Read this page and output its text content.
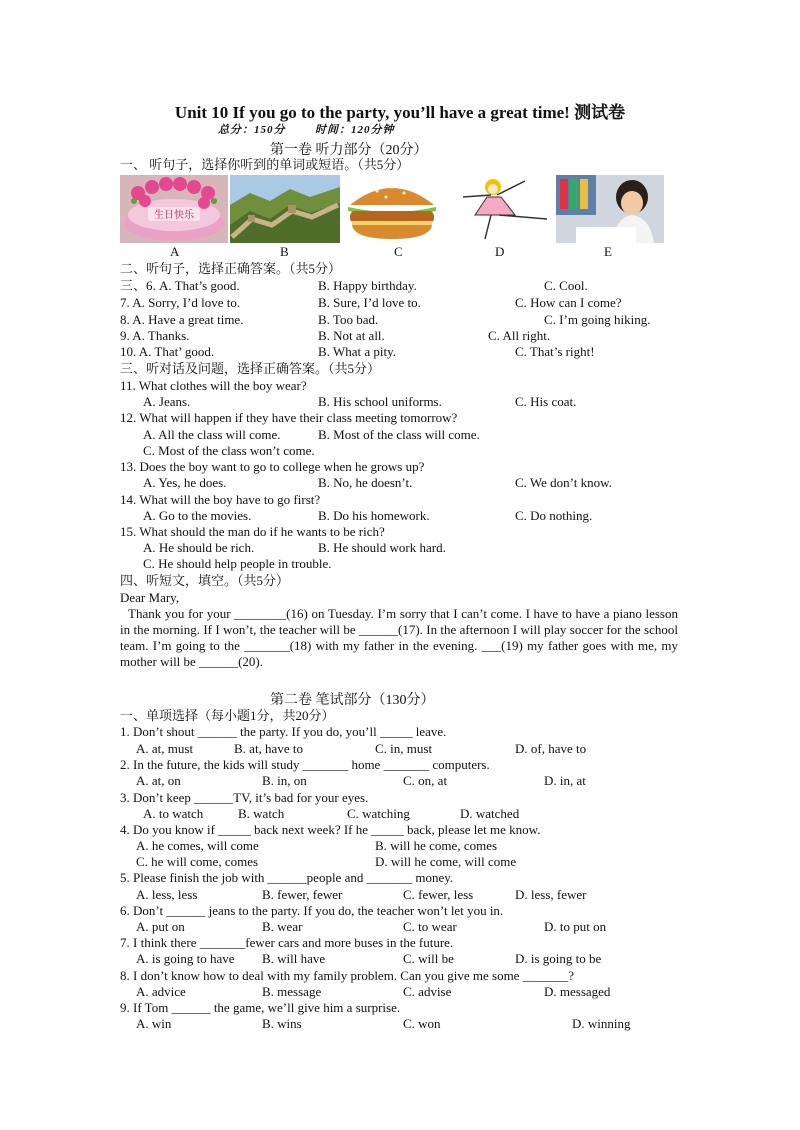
Unit 10 If you go to the party, you’ll have a great time! 测试卷
总分：150分	时间：120分钟
第一卷 听力部分（20分）
一、 听句子，选择你听到的单词或短语。（共5分）
生日快乐
A	B	C	D	E
二、听句子，选择正确答案。（共5分）
三、6. A. That’s good.	B. Happy birthday.	C. Cool.
7. A. Sorry, I’d love to.	B. Sure, I’d love to.	C. How can I come?
8. A. Have a great time.	B. Too bad.	C. I’m going hiking.
9. A. Thanks.	B. Not at all.	C. All right.
10. A. That’ good.	B. What a pity.	C. That’s right!
三、听对话及问题，选择正确答案。（共5分）
11. What clothes will the boy wear?
A. Jeans.	B. His school uniforms.	C. His coat.
12. What will happen if they have their class meeting tomorrow?
A. All the class will come.	B. Most of the class will come.
C. Most of the class won’t come.
13. Does the boy want to go to college when he grows up?
A. Yes, he does.	B. No, he doesn’t.	C. We don’t know.
14. What will the boy have to go first?
A. Go to the movies.	B. Do his homework.	C. Do nothing.
15. What should the man do if he wants to be rich?
A. He should be rich.	B. He should work hard.
C. He should help people in trouble.
四、听短文，填空。（共5分）
Dear Mary,
Thank you for your ________(16) on Tuesday. I’m sorry that I can’t come. I have to have a piano lesson in the morning. If I won’t, the teacher will be ______(17). In the afternoon I will play soccer for the school team. I’m going to the _______(18) with my father in the evening. ___(19) my father goes with me, my mother will be ______(20).
第二卷 笔试部分（130分）
一、单项选择（每小题1分，共20分）
1. Don’t shout ______ the party. If you do, you’ll _____ leave.
A. at, must	B. at, have to	C. in, must	D. of, have to
2. In the future, the kids will study _______ home _______ computers.
A. at, on	B. in, on	C. on, at	D. in, at
3. Don’t keep ______TV, it’s bad for your eyes.
A. to watch	B. watch	C. watching	D. watched
4. Do you know if _____ back next week? If he _____ back, please let me know.
A. he comes, will come	B. will he come, comes
C. he will come, comes	D. will he come, will come
5. Please finish the job with ______people and _______ money.
A. less, less	B. fewer, fewer	C. fewer, less	D. less, fewer
6. Don’t ______ jeans to the party. If you do, the teacher won’t let you in.
A. put on	B. wear	C. to wear	D. to put on
7. I think there _______fewer cars and more buses in the future.
A. is going to have B. will have	C. will be	D. is going to be
8. I don’t know how to deal with my family problem. Can you give me some _______?
A. advice	B. message	C. advise	D. messaged
9. If Tom ______ the game, we’ll give him a surprise.
A. win	B. wins	C. won	D. winning
